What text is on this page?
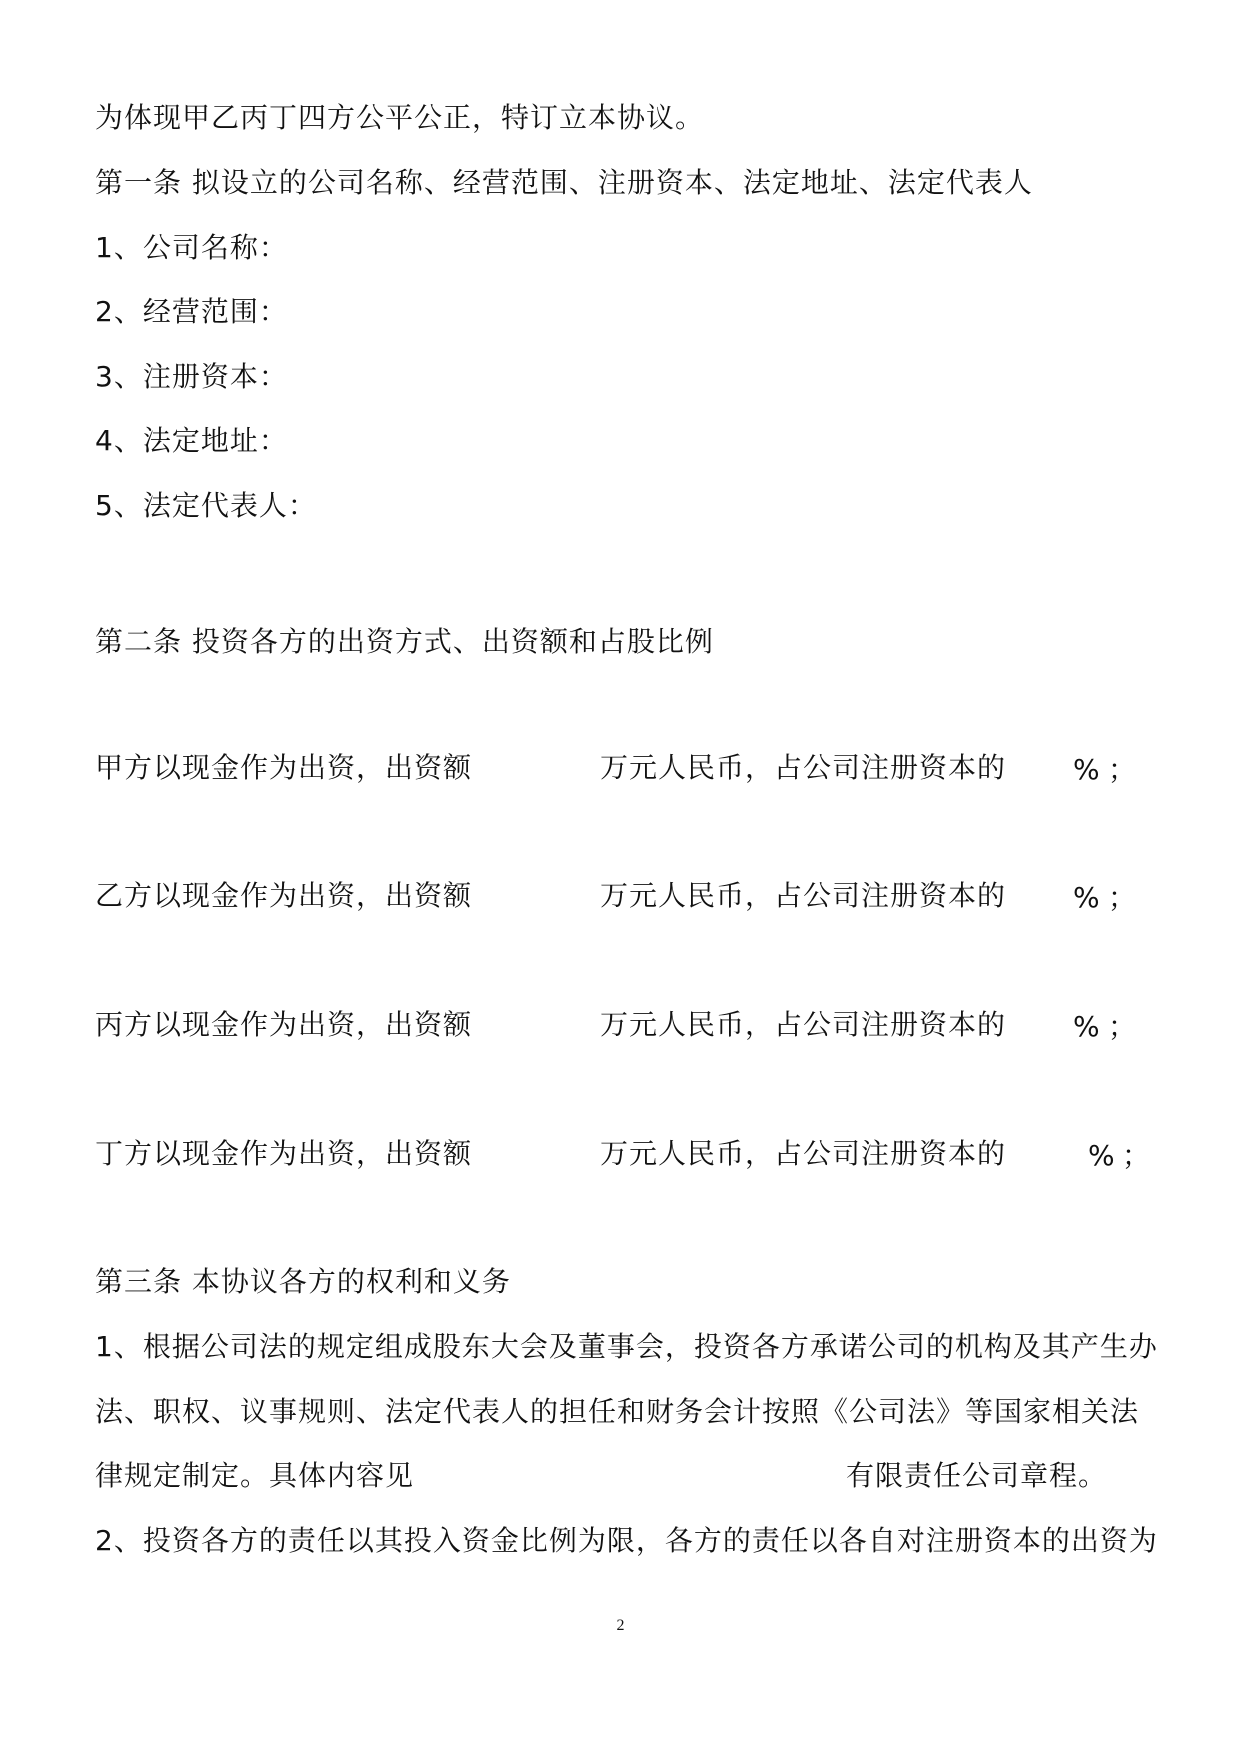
为体现甲乙丙丁四方公平公正，特订立本协议。
第一条 拟设立的公司名称、经营范围、注册资本、法定地址、法定代表人
1、公司名称：
2、经营范围：
3、注册资本：
4、法定地址：
5、法定代表人：
第二条 投资各方的出资方式、出资额和占股比例
甲方以现金作为出资，出资额	万元人民币，占公司注册资本的 % ；
乙方以现金作为出资，出资额	万元人民币，占公司注册资本的 % ；
丙方以现金作为出资，出资额	万元人民币，占公司注册资本的 % ；
丁方以现金作为出资，出资额	万元人民币，占公司注册资本的	% ；
第三条 本协议各方的权利和义务
1、根据公司法的规定组成股东大会及董事会，投资各方承诺公司的机构及其产生办
法、职权、议事规则、法定代表人的担任和财务会计按照《公司法》等国家相关法
律规定制定。具体内容见	有限责任公司章程。
2、投资各方的责任以其投入资金比例为限，各方的责任以各自对注册资本的出资为
2
